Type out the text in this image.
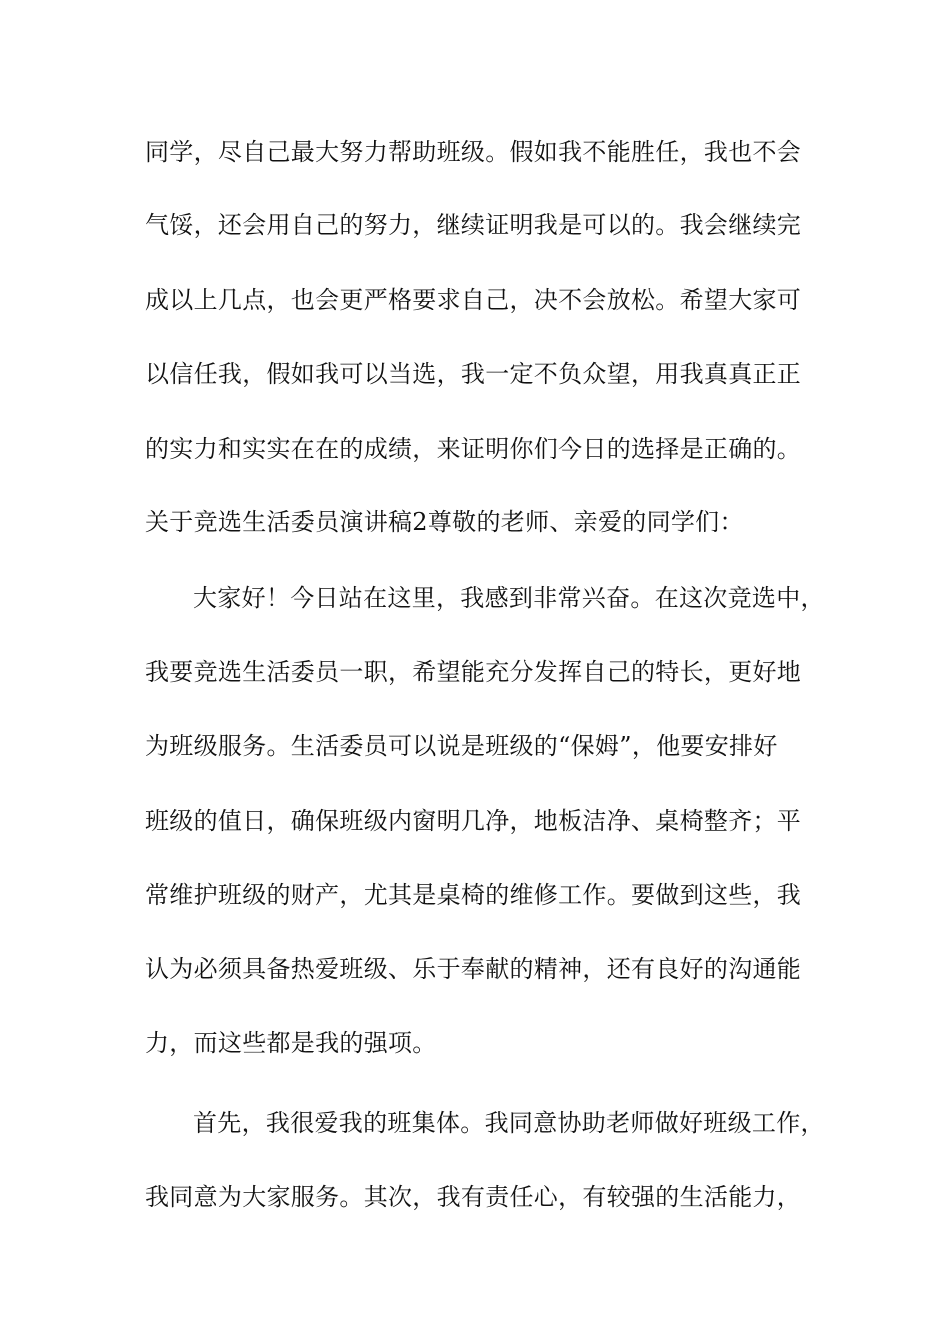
同学，尽自己最大努力帮助班级。假如我不能胜任，我也不会

气馁，还会用自己的努力，继续证明我是可以的。我会继续完

成以上几点，也会更严格要求自己，决不会放松。希望大家可

以信任我，假如我可以当选，我一定不负众望，用我真真正正

的实力和实实在在的成绩，来证明你们今日的选择是正确的。

关于竞选生活委员演讲稿2尊敬的老师、亲爱的同学们：

大家好！今日站在这里，我感到非常兴奋。在这次竞选中，

我要竞选生活委员一职，希望能充分发挥自己的特长，更好地

为班级服务。生活委员可以说是班级的“保姆”，他要安排好

班级的值日，确保班级内窗明几净，地板洁净、桌椅整齐；平

常维护班级的财产，尤其是桌椅的维修工作。要做到这些，我

认为必须具备热爱班级、乐于奉献的精神，还有良好的沟通能

力，而这些都是我的强项。

首先，我很爱我的班集体。我同意协助老师做好班级工作，

我同意为大家服务。其次，我有责任心，有较强的生活能力，
